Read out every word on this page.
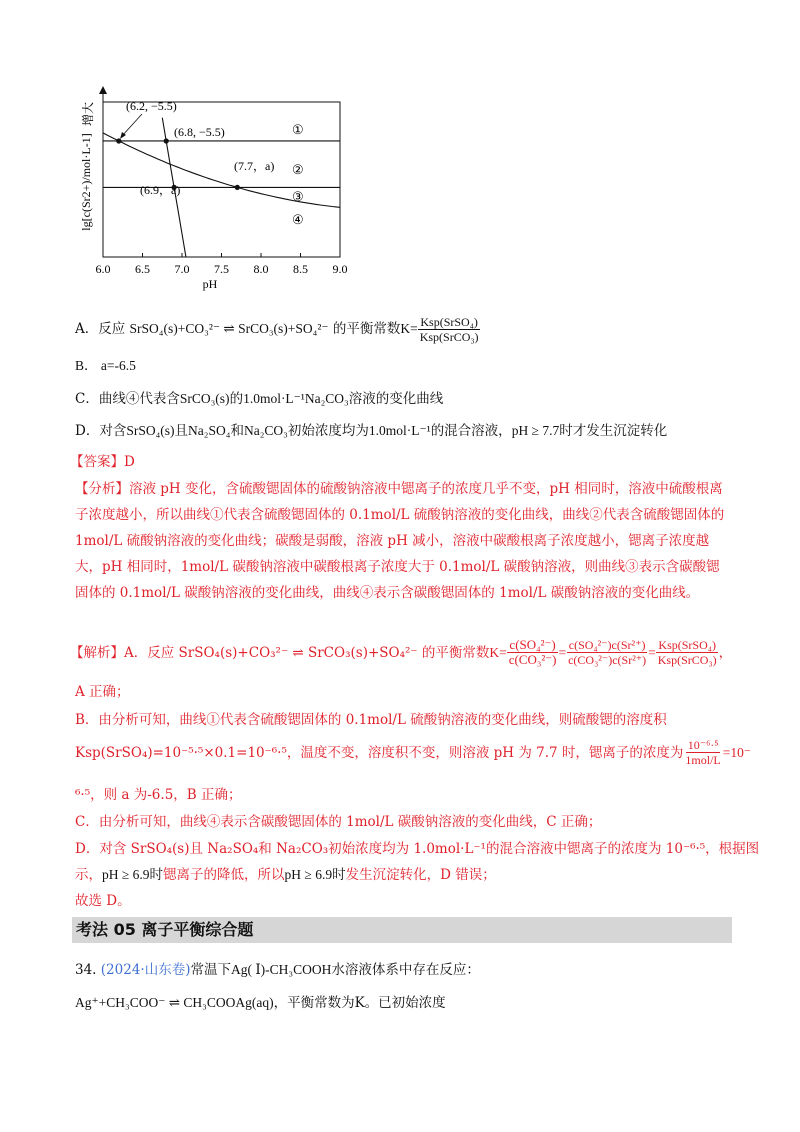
增大
lg[c(Sr2+)/mol·L-1]
6.0 6.5 7.0 7.5 8.0 8.5 9.0
(6.2, −5.5)
(6.8, −5.5)
(7.7，a)
(6.9，a)
①
②
③
④
pH
A．反应 SrSO₄(s)+CO₃²⁻ ⇌ SrCO₃(s)+SO₄²⁻ 的平衡常数$K= \frac{\text{Ksp(SrSO₄)}}{\text{Ksp(SrCO₃)}}$
B． a=-6.5
C．曲线④代表含SrCO₃(s)的1.0mol·L⁻¹Na₂CO₃溶液的变化曲线
D．对含SrSO₄(s)且Na₂SO₄和Na₂CO₃初始浓度均为1.0mol·L⁻¹的混合溶液，pH ≥ 7.7时才发生沉淀转化
【答案】D
【分析】溶液 pH 变化，含硫酸锶固体的硫酸钠溶液中锶离子的浓度几乎不变，pH 相同时，溶液中硫酸根离子浓度越小，所以曲线①代表含硫酸锶固体的 0.1mol/L 硫酸钠溶液的变化曲线，曲线②代表含硫酸锶固体的 1mol/L 硫酸钠溶液的变化曲线；碳酸是弱酸，溶液 pH 减小，溶液中碳酸根离子浓度越小，锶离子浓度越大，pH 相同时，1mol/L 碳酸钠溶液中碳酸根离子浓度大于 0.1mol/L 碳酸钠溶液，则曲线③表示含碳酸锶固体的 0.1mol/L 碳酸钠溶液的变化曲线，曲线④表示含碳酸锶固体的 1mol/L 碳酸钠溶液的变化曲线。
【解析】 A．反应 SrSO₄(s)+CO₃²⁻ ⇌ SrCO₃(s)+SO₄²⁻ 的平衡常数 $K= \frac{\text{c(SO₄²⁻)}}{\text{c(CO₃²⁻)}} = \frac{\text{c(SO₄²⁻)c(Sr²⁺)}}{\text{c(CO₃²⁻)c(Sr²⁺)}} = \frac{\text{Ksp(SrSO₄)}}{\text{Ksp(SrCO₃)}}$ ，
A 正确；
B．由分析可知，曲线①代表含硫酸锶固体的 0.1mol/L 硫酸钠溶液的变化曲线，则硫酸锶的溶度积
Ksp(SrSO₄)=10⁻⁵·⁵×0.1=10⁻⁶·⁵，温度不变，溶度积不变，则溶液 pH 为 7.7 时，锶离子的浓度为 $\frac{\text{10⁻⁶·⁵}}{\text{1mol/L}} =10^-$
⁶·⁵，则 a 为-6.5，B 正确；
C．由分析可知，曲线④表示含碳酸锶固体的 1mol/L 碳酸钠溶液的变化曲线，C 正确；
D．对含 SrSO₄(s)且 Na₂SO₄和 Na₂CO₃初始浓度均为 1.0mol·L⁻¹的混合溶液中锶离子的浓度为 10⁻⁶·⁵，根据图
示，pH ≥ 6.9时锶离子的降低，所以pH ≥ 6.9时发生沉淀转化，D 错误；
故选 D。
考法 05 离子平衡综合题
34. (2024·山东卷)常温下Ag( Ⅰ)-CH₃COOH水溶液体系中存在反应：
Ag⁺+CH₃COO⁻ ⇌ CH₃COOAg(aq)，平衡常数为K。已初始浓度
